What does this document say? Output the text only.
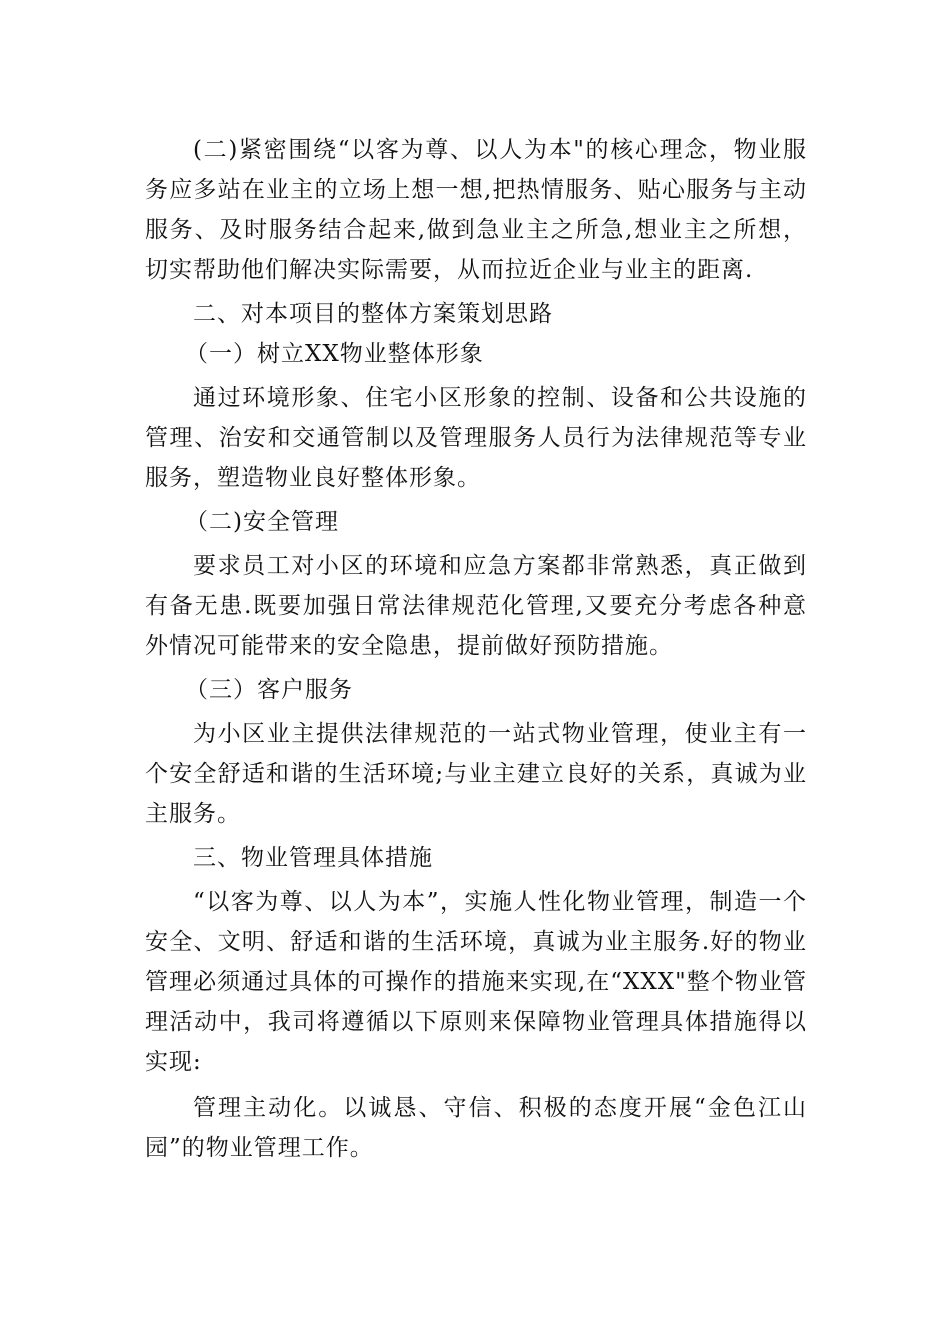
(二)紧密围绕“以客为尊、以人为本"的核心理念，物业服务应多站在业主的立场上想一想,把热情服务、贴心服务与主动服务、及时服务结合起来,做到急业主之所急,想业主之所想，切实帮助他们解决实际需要，从而拉近企业与业主的距离.

二、对本项目的整体方案策划思路

（一）树立XX物业整体形象

通过环境形象、住宅小区形象的控制、设备和公共设施的管理、治安和交通管制以及管理服务人员行为法律规范等专业服务，塑造物业良好整体形象。

（二)安全管理

要求员工对小区的环境和应急方案都非常熟悉，真正做到有备无患.既要加强日常法律规范化管理,又要充分考虑各种意外情况可能带来的安全隐患，提前做好预防措施。

（三）客户服务

为小区业主提供法律规范的一站式物业管理，使业主有一个安全舒适和谐的生活环境;与业主建立良好的关系，真诚为业主服务。

三、物业管理具体措施

“以客为尊、以人为本”，实施人性化物业管理，制造一个安全、文明、舒适和谐的生活环境，真诚为业主服务.好的物业管理必须通过具体的可操作的措施来实现,在“XXX"整个物业管理活动中，我司将遵循以下原则来保障物业管理具体措施得以实现:

管理主动化。以诚恳、守信、积极的态度开展“金色江山园”的物业管理工作。
